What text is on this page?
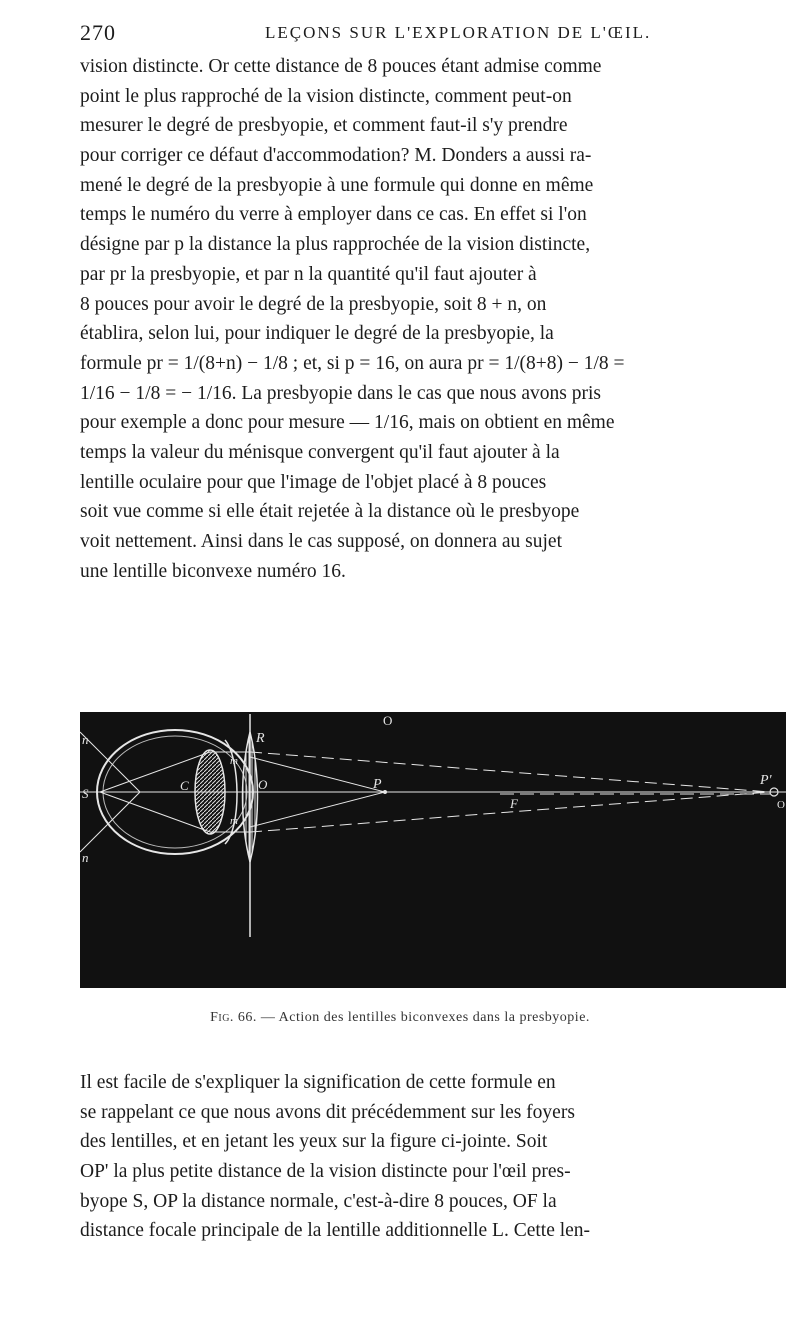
270	LEÇONS SUR L'EXPLORATION DE L'ŒIL.
vision distincte. Or cette distance de 8 pouces étant admise comme
point le plus rapproché de la vision distincte, comment peut-on
mesurer le degré de presbyopie, et comment faut-il s'y prendre
pour corriger ce défaut d'accommodation? M. Donders a aussi ra-
mené le degré de la presbyopie à une formule qui donne en même
temps le numéro du verre à employer dans ce cas. En effet si l'on
désigne par p la distance la plus rapprochée de la vision distincte,
par pr la presbyopie, et par n la quantité qu'il faut ajouter à
8 pouces pour avoir le degré de la presbyopie, soit 8 + n, on
établira, selon lui, pour indiquer le degré de la presbyopie, la
formule pr = 1/(8+n) − 1/8 ; et, si p = 16, on aura pr = 1/(8+8) − 1/8 =
1/16 − 1/8 = − 1/16. La presbyopie dans le cas que nous avons pris
pour exemple a donc pour mesure — 1/16, mais on obtient en même
temps la valeur du ménisque convergent qu'il faut ajouter à la
lentille oculaire pour que l'image de l'objet placé à 8 pouces
soit vue comme si elle était rejetée à la distance où le presbyope
voit nettement. Ainsi dans le cas supposé, on donnera au sujet
une lentille biconvexe numéro 16.
n
n
S
C
m
m
R
O
O
P	P'
F	O
Fig. 66. — Action des lentilles biconvexes dans la presbyopie.
Il est facile de s'expliquer la signification de cette formule en
se rappelant ce que nous avons dit précédemment sur les foyers
des lentilles, et en jetant les yeux sur la figure ci-jointe. Soit
OP' la plus petite distance de la vision distincte pour l'œil pres-
byope S, OP la distance normale, c'est-à-dire 8 pouces, OF la
distance focale principale de la lentille additionnelle L. Cette len-
